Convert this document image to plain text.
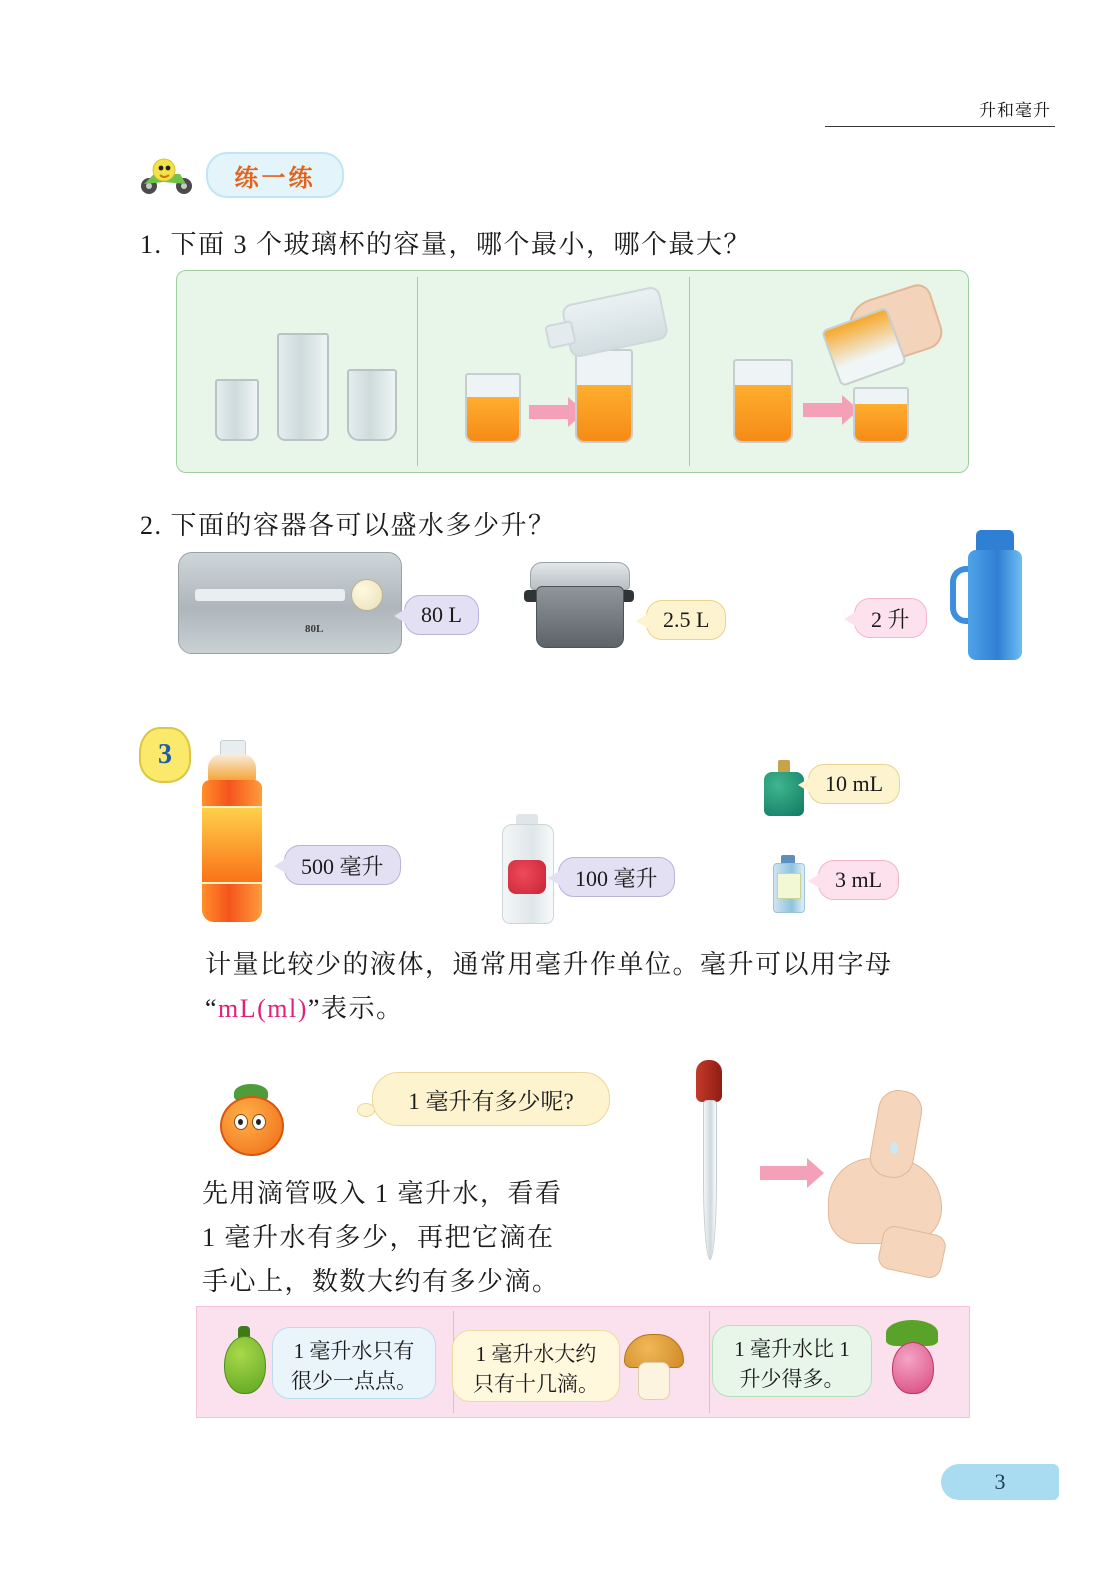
升和毫升
练一练
1. 下面 3 个玻璃杯的容量，哪个最小，哪个最大？
2. 下面的容器各可以盛水多少升？
80L
80 L	2.5 L	2 升
3
500 毫升	100 毫升
10 mL
3 mL
计量比较少的液体，通常用毫升作单位。毫升可以用字母
“mL(ml)”表示。
1 毫升有多少呢?
先用滴管吸入 1 毫升水，看看
1 毫升水有多少，再把它滴在
手心上，数数大约有多少滴。
1 毫升水只有
很少一点点。
1 毫升水大约
只有十几滴。
1 毫升水比 1
升少得多。
3
